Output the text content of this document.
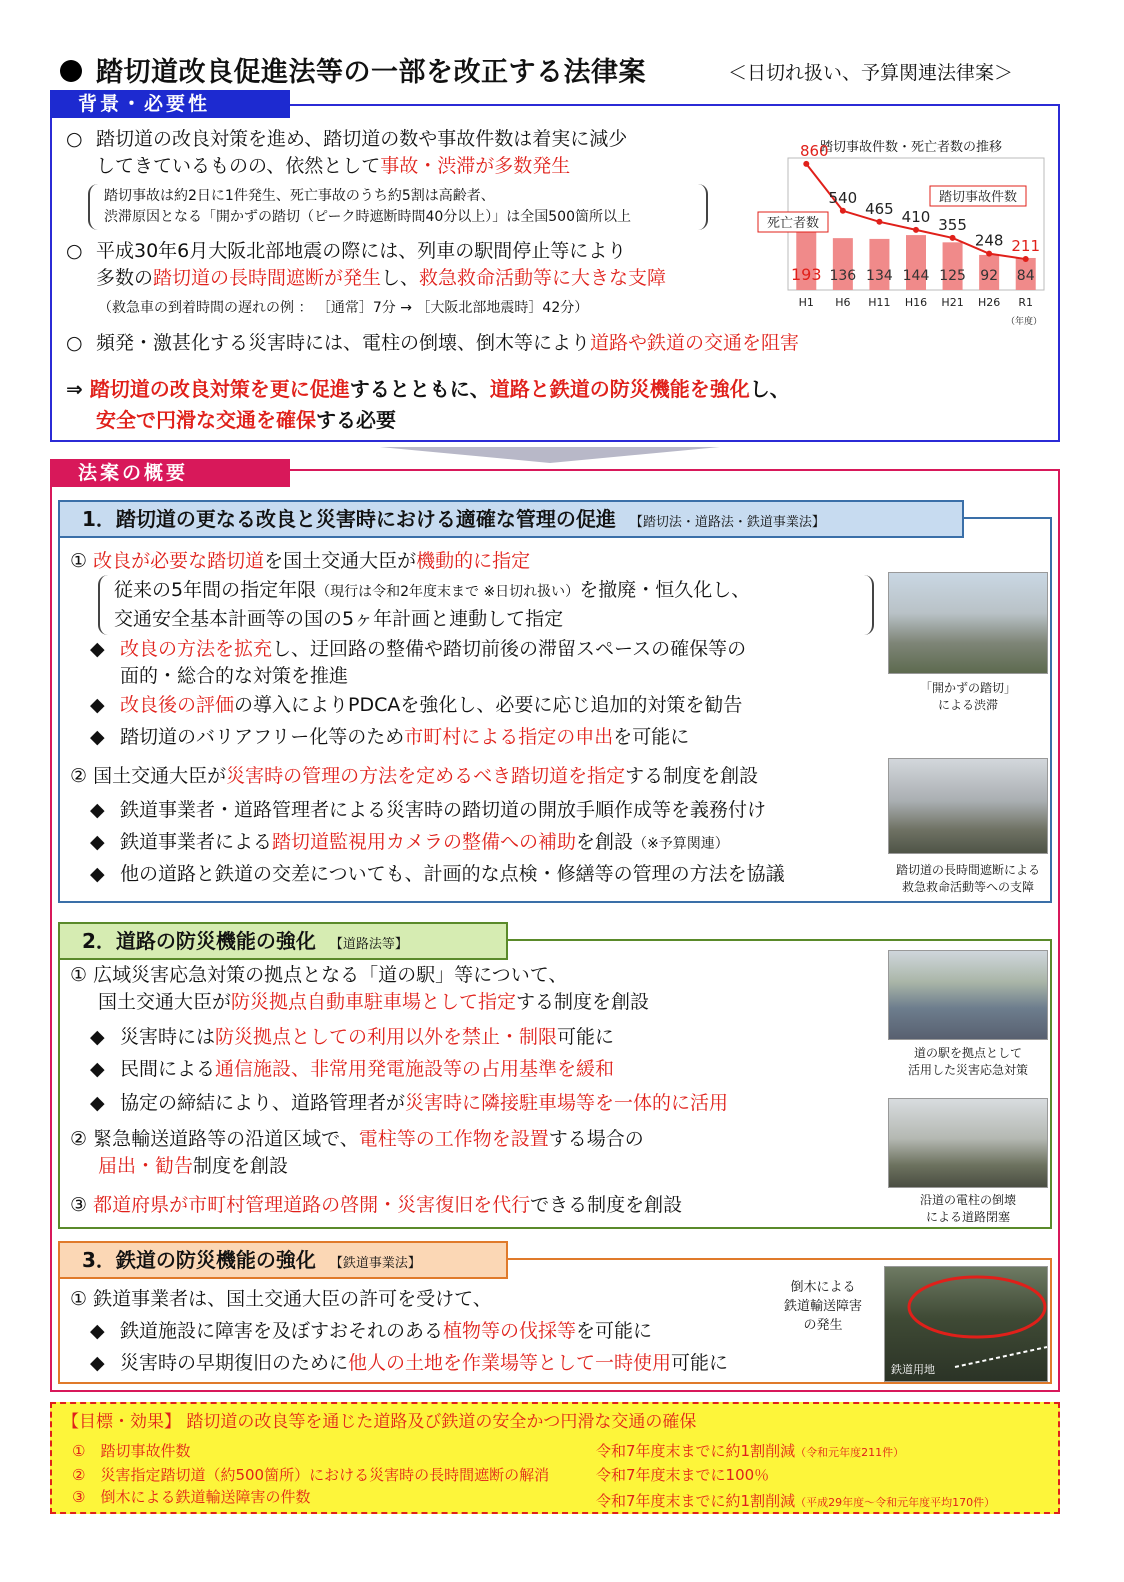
踏切道改良促進法等の一部を改正する法律案	＜日切れ扱い、予算関連法律案＞
背景・必要性
○ 踏切道の改良対策を進め、踏切道の数や事故件数は着実に減少
してきているものの、依然として事故・渋滞が多数発生
踏切事故は約2日に1件発生、死亡事故のうち約5割は高齢者、
渋滞原因となる「開かずの踏切（ピーク時遮断時間40分以上）」は全国500箇所以上
○ 平成30年6月大阪北部地震の際には、列車の駅間停止等により
多数の踏切道の長時間遮断が発生し、救急救命活動等に大きな支障
（救急車の到着時間の遅れの例 ： ［通常］7分 → ［大阪北部地震時］42分）
○ 頻発・激甚化する災害時には、電柱の倒壊、倒木等により道路や鉄道の交通を阻害
⇒ 踏切道の改良対策を更に促進するとともに、道路と鉄道の防災機能を強化し、
安全で円滑な交通を確保する必要
踏切事故件数・死亡者数の推移
193
H1
136
H6
134
H11
144
H16
125
H21
92
H26
84
R1
860
540
465 410 355
248 211
踏切事故件数
死亡者数
（年度）
法案の概要
1．踏切道の更なる改良と災害時における適確な管理の促進 【踏切法・道路法・鉄道事業法】
① 改良が必要な踏切道を国土交通大臣が機動的に指定
従来の5年間の指定年限（現行は令和2年度末まで ※日切れ扱い）を撤廃・恒久化し、
交通安全基本計画等の国の5ヶ年計画と連動して指定
◆ 改良の方法を拡充し、迂回路の整備や踏切前後の滞留スペースの確保等の
面的・総合的な対策を推進
◆ 改良後の評価の導入によりPDCAを強化し、必要に応じ追加的対策を勧告
◆ 踏切道のバリアフリー化等のため市町村による指定の申出を可能に
② 国土交通大臣が災害時の管理の方法を定めるべき踏切道を指定する制度を創設
◆ 鉄道事業者・道路管理者による災害時の踏切道の開放手順作成等を義務付け
◆ 鉄道事業者による踏切道監視用カメラの整備への補助を創設（※予算関連）
◆ 他の道路と鉄道の交差についても、計画的な点検・修繕等の管理の方法を協議
「開かずの踏切」
による渋滞
踏切道の長時間遮断による
救急救命活動等への支障
2．道路の防災機能の強化 【道路法等】
① 広域災害応急対策の拠点となる「道の駅」等について、
国土交通大臣が防災拠点自動車駐車場として指定する制度を創設
◆ 災害時には防災拠点としての利用以外を禁止・制限可能に
◆ 民間による通信施設、非常用発電施設等の占用基準を緩和
◆ 協定の締結により、道路管理者が災害時に隣接駐車場等を一体的に活用
② 緊急輸送道路等の沿道区域で、電柱等の工作物を設置する場合の
届出・勧告制度を創設
③ 都道府県が市町村管理道路の啓開・災害復旧を代行できる制度を創設
道の駅を拠点として
活用した災害応急対策
沿道の電柱の倒壊
による道路閉塞
3．鉄道の防災機能の強化 【鉄道事業法】
① 鉄道事業者は、国土交通大臣の許可を受けて、
◆ 鉄道施設に障害を及ぼすおそれのある植物等の伐採等を可能に
◆ 災害時の早期復旧のために他人の土地を作業場等として一時使用可能に
倒木による
鉄道輸送障害
の発生
鉄道用地
【目標・効果】 踏切道の改良等を通じた道路及び鉄道の安全かつ円滑な交通の確保
①　踏切事故件数	令和7年度末までに約1割削減（令和元年度211件）
②　災害指定踏切道（約500箇所）における災害時の長時間遮断の解消	令和7年度末までに100％
③　倒木による鉄道輸送障害の件数	令和7年度末までに約1割削減（平成29年度～令和元年度平均170件）
